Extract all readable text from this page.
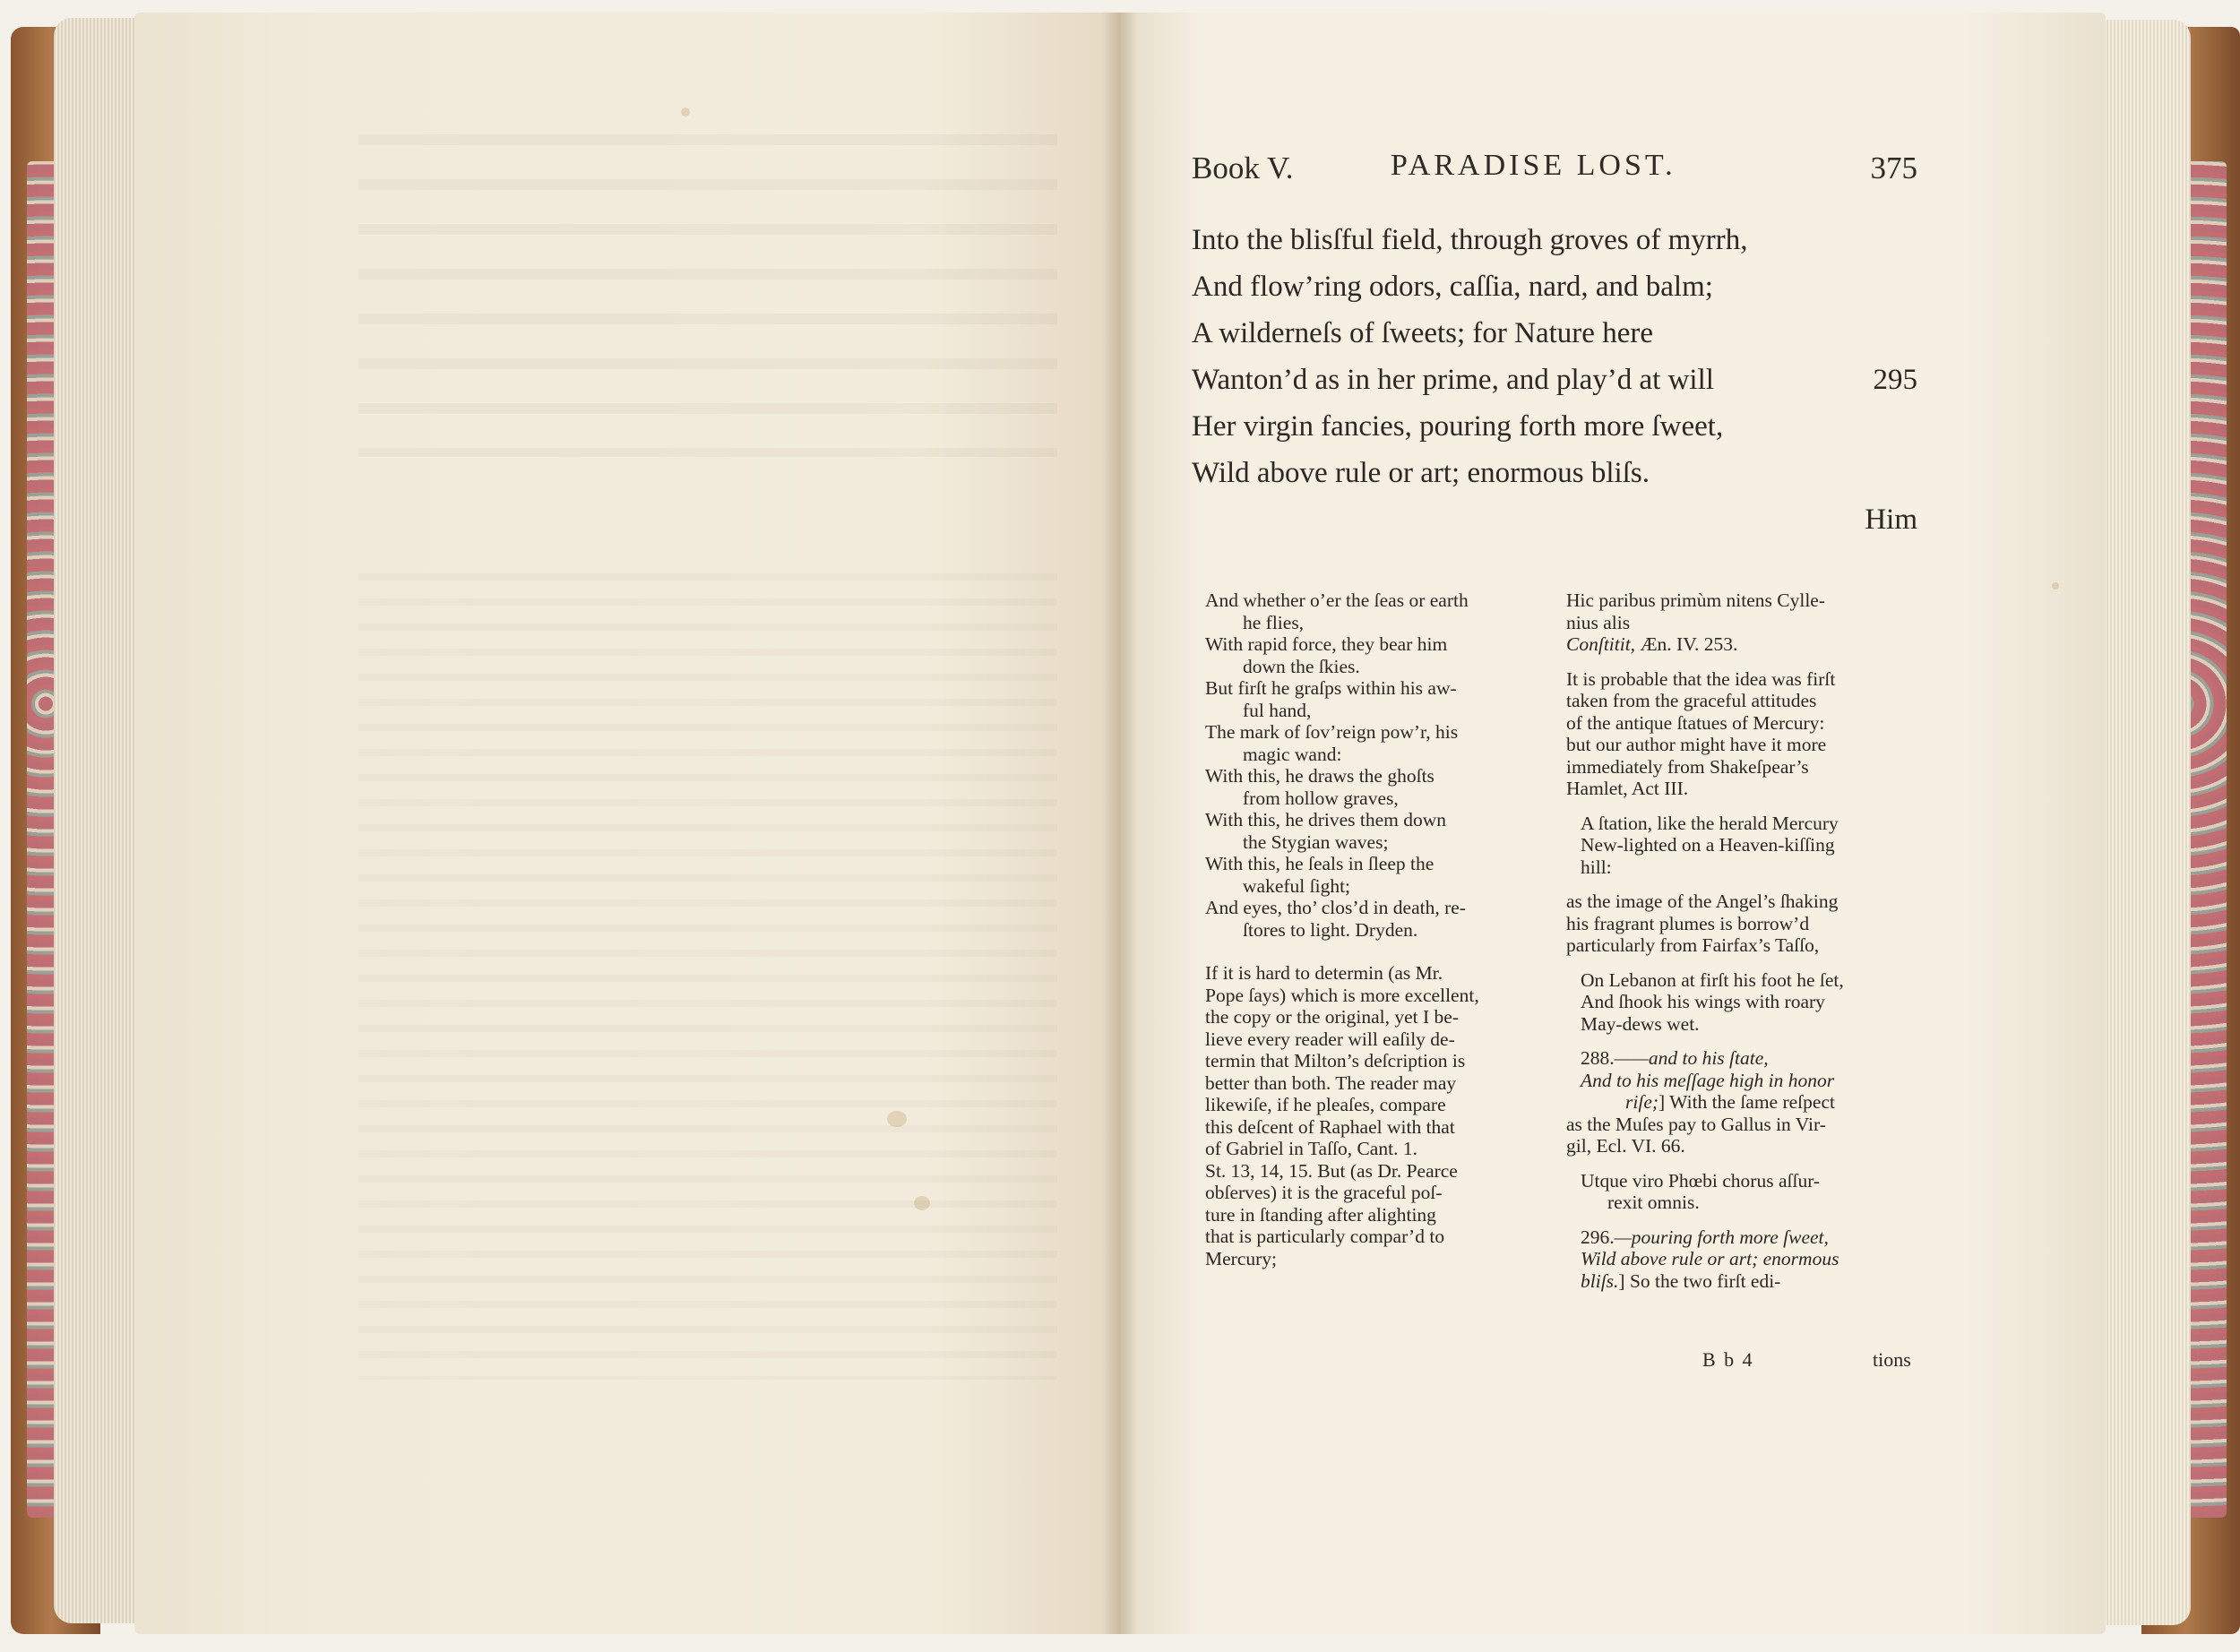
Book V.	PARADISE LOST.	375
Into the blisſful field, through groves of myrrh,
And flow’ring odors, caſſia, nard, and balm;
A wilderneſs of ſweets; for Nature here
Wanton’d as in her prime, and play’d at will	295
Her virgin fancies, pouring forth more ſweet,
Wild above rule or art; enormous bliſs.
Him

And whether o’er the ſeas or earth

he flies,

With rapid force, they bear him

down the ſkies.

But firſt he graſps within his aw-

ful hand,

The mark of ſov’reign pow’r, his

magic wand:

With this, he draws the ghoſts

from hollow graves,

With this, he drives them down

the Stygian waves;

With this, he ſeals in ſleep the

wakeful ſight;

And eyes, tho’ clos’d in death, re-

ſtores to light. Dryden.

If it is hard to determin (as Mr.

Pope ſays) which is more excellent,

the copy or the original, yet I be-

lieve every reader will eaſily de-

termin that Milton’s deſcription is

better than both. The reader may

likewiſe, if he pleaſes, compare

this deſcent of Raphael with that

of Gabriel in Taſſo, Cant. 1.

St. 13, 14, 15. But (as Dr. Pearce

obſerves) it is the graceful poſ-

ture in ſtanding after alighting

that is particularly compar’d to

Mercury;

Hic paribus primùm nitens Cylle-

nius alis

Conſtitit, Æn. IV. 253.

It is probable that the idea was firſt

taken from the graceful attitudes

of the antique ſtatues of Mercury:

but our author might have it more

immediately from Shakeſpear’s

Hamlet, Act III.

A ſtation, like the herald Mercury

New-lighted on a Heaven-kiſſing

hill:

as the image of the Angel’s ſhaking

his fragrant plumes is borrow’d

particularly from Fairfax’s Taſſo,

On Lebanon at firſt his foot he ſet,

And ſhook his wings with roary

May-dews wet.

288.——and to his ſtate,

And to his meſſage high in honor

riſe;] With the ſame reſpect

as the Muſes pay to Gallus in Vir-

gil, Ecl. VI. 66.

Utque viro Phœbi chorus aſſur-

rexit omnis.

296.—pouring forth more ſweet,

Wild above rule or art; enormous

bliſs.] So the two firſt edi-

B b 4	tions
